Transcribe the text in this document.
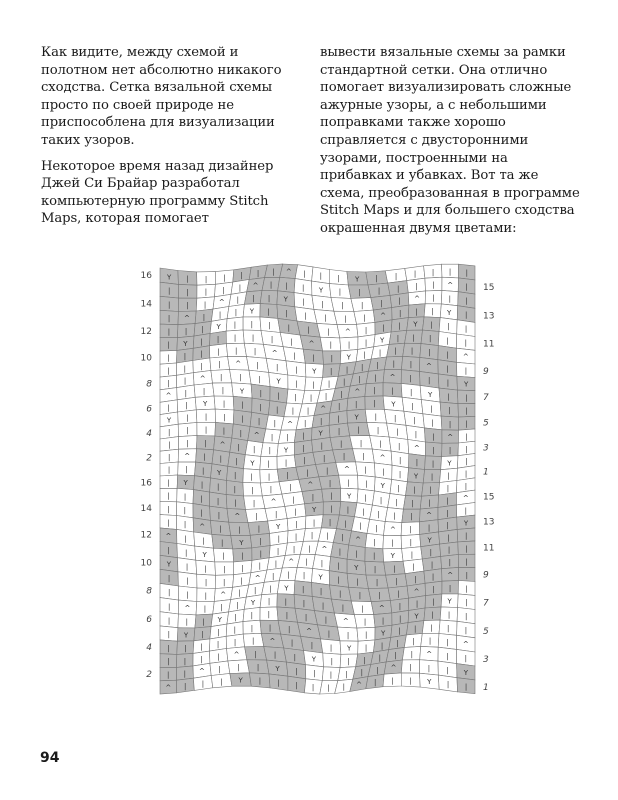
Как видите, между схемой и полотном нет абсолютно никакого сходства. Сетка вязальной схемы просто по своей природе не приспособлена для визуализации таких узоров.

Некоторое время назад дизайнер Джей Си Брайар разработал компьютерную программу Stitch Maps, которая помогает

вывести вязальные схемы за рамки стандартной сетки. Она отлично помогает визуализировать сложные ажурные узоры, а с небольшими поправками также хорошо справляется с двусторонними узорами, построенными на прибавках и убавках. Вот та же схема, преобразованная в программе Stitch Maps и для большего сходства окрашенная двумя цветами:

Y | | | | | | ^ | | | Y | | | | | |
| | | | | ^ | | | Y | | | | | | ^ |
| | | ^ | | | Y | | | | | | ^ | | |
| ^ | | | Y | | | |	| | ^ | | | Y |
| | | Y | | | | |	| ^ | | | Y | | |
| Y | | | | | | ^ | | | Y | | | | |
| | | | | | ^ | | | Y | | | | | | ^
| | | | ^ | | | Y | | | | | | ^ | |
| | ^ | | | Y | | | | | | ^ | | | Y
^ | | | Y | | | | | | ^ | | | Y | |
| | Y | | | | | | ^ | | | Y | | | |
Y | | | | | | ^ | | | Y | | | | | |
| | | | | ^ | | | Y | | | | | | ^ |
| | | ^ | | | Y | | | | | | ^ | | |
| ^ | | | Y | | | |	| | ^ | | | Y |
| | | Y | | | | |	| ^ | | | Y | | |
| Y | | | | | | ^ | | | Y | | | | |
| | | | | | ^ | | | Y | | | | | | ^
| | | | ^ | | | Y | | | | | | ^ | |
| | ^ | | | Y | | | | | | ^ | | | Y
^ | | | Y | | | | | | ^ | | | Y | |
| | Y | | | | | | ^ | | | Y | | | |
Y | | | | | | ^ | | | Y | | | | | |
| | | | | ^ | | | Y | | | | | | ^ |
| | | ^ | | | Y | | | | | | ^ | | |
| ^ | | | Y | | | | | | ^ | | | Y |
| | | Y | | | | | | ^ | | | Y | | |
| Y | | | | | | ^ | | | Y | | | | |
| | | | | | ^ | | | Y | | | | | | ^
| | | | ^ | | | Y | | | | | | ^ | |
| | ^ | | | Y | | | | | | ^ | | | Y
^ | | | Y | | | | | | ^ | | | Y | |
16
14
12
10
8
6
4
2
16
14
12
10
8
6
4
2
15
13
11
9
7
5
3
1
15
13
11
9
7
5
3
1
94
